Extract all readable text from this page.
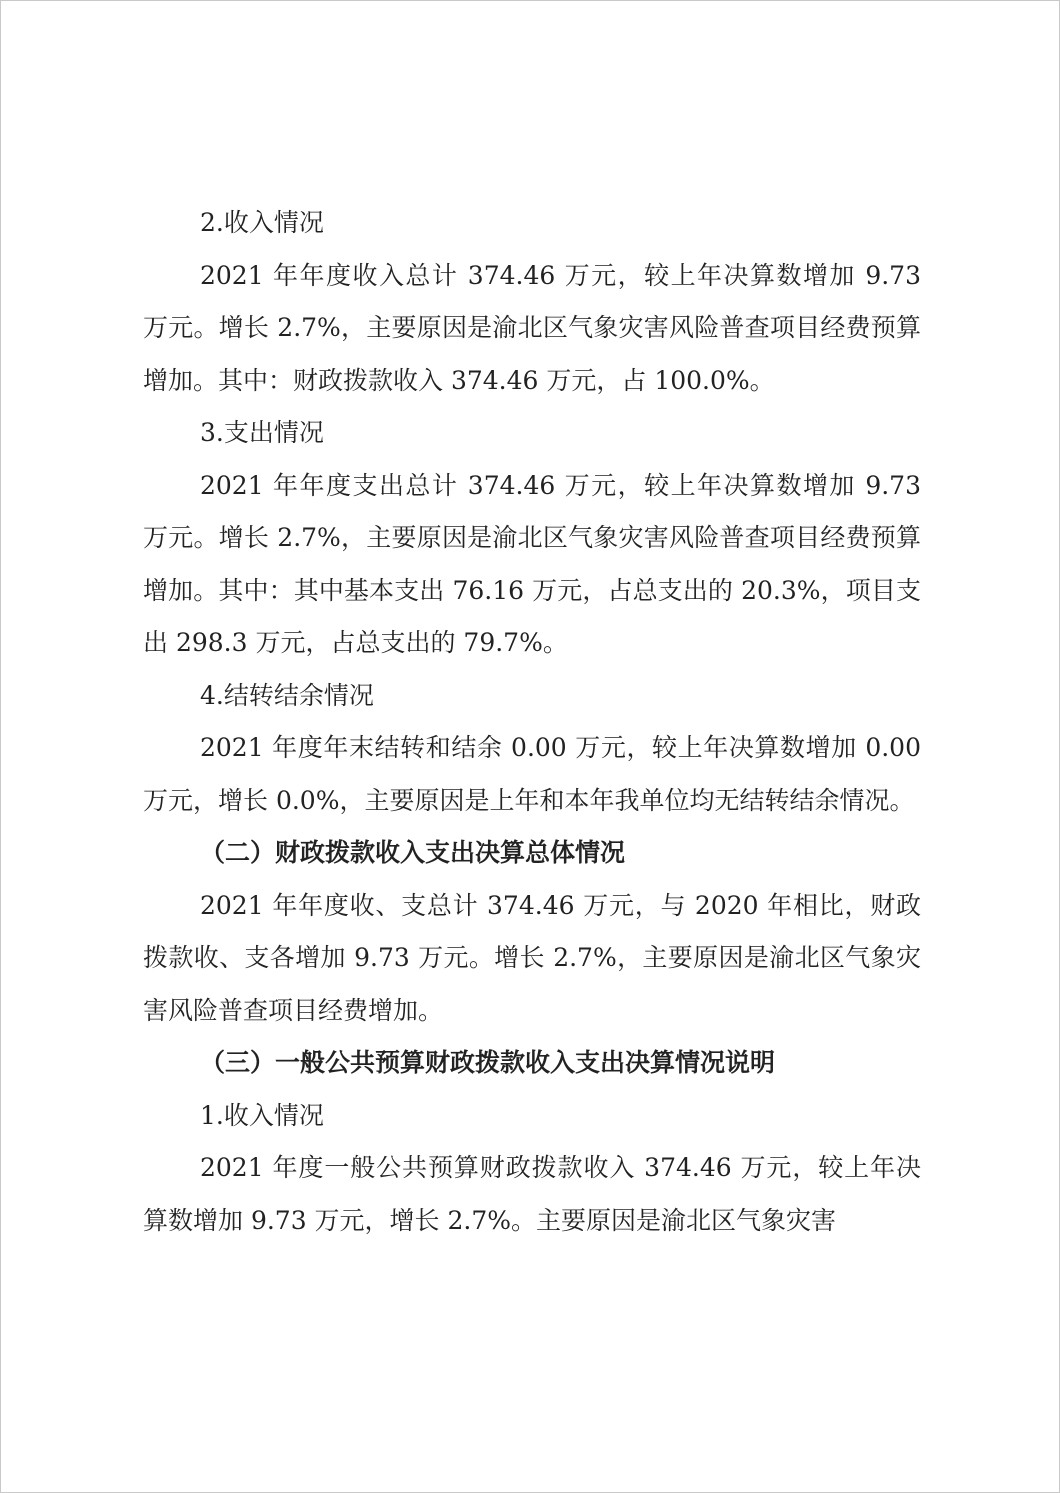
2.收入情况

2021 年年度收入总计 374.46 万元，较上年决算数增加 9.73 万元。增长 2.7%，主要原因是渝北区气象灾害风险普查项目经费预算增加。其中：财政拨款收入 374.46 万元，占 100.0%。

3.支出情况

2021 年年度支出总计 374.46 万元，较上年决算数增加 9.73 万元。增长 2.7%，主要原因是渝北区气象灾害风险普查项目经费预算增加。其中：其中基本支出 76.16 万元，占总支出的 20.3%，项目支出 298.3 万元，占总支出的 79.7%。

4.结转结余情况

2021 年度年末结转和结余 0.00 万元，较上年决算数增加 0.00 万元，增长 0.0%，主要原因是上年和本年我单位均无结转结余情况。

（二）财政拨款收入支出决算总体情况

2021 年年度收、支总计 374.46 万元，与 2020 年相比，财政拨款收、支各增加 9.73 万元。增长 2.7%，主要原因是渝北区气象灾害风险普查项目经费增加。

（三）一般公共预算财政拨款收入支出决算情况说明

1.收入情况

2021 年度一般公共预算财政拨款收入 374.46 万元，较上年决算数增加 9.73 万元，增长 2.7%。主要原因是渝北区气象灾害
